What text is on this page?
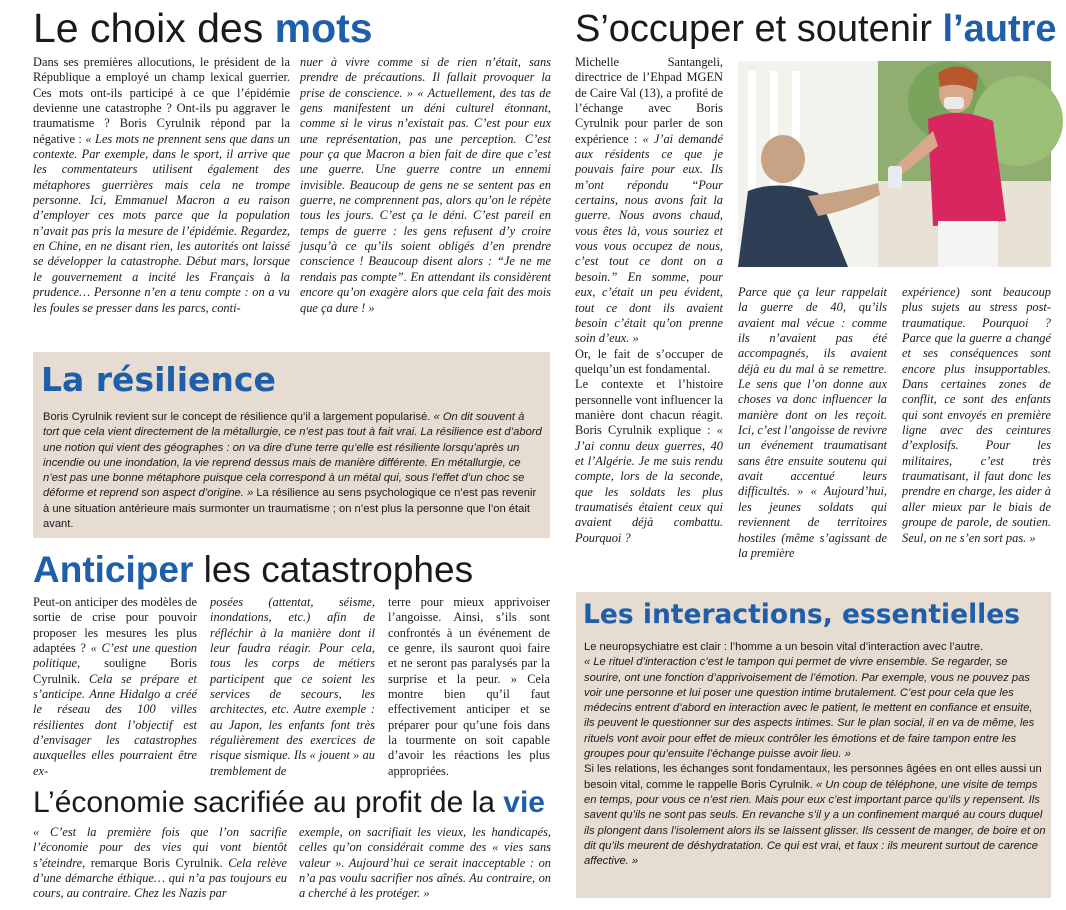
Le choix des mots

Dans ses premières allocutions, le président de la République a employé un champ lexical guerrier. Ces mots ont-ils participé à ce que l’épidémie devienne une catastrophe ? Ont-ils pu aggraver le traumatisme ? Boris Cyrulnik répond par la négative : « Les mots ne prennent sens que dans un contexte. Par exemple, dans le sport, il arrive que les commentateurs utilisent également des métaphores guerrières mais cela ne trompe personne. Ici, Emmanuel Macron a eu raison d’employer ces mots parce que la population n’avait pas pris la mesure de l’épidémie. Regardez, en Chine, en ne disant rien, les autorités ont laissé se développer la catastrophe. Début mars, lorsque le gouvernement a incité les Français à la prudence… Personne n’en a tenu compte : on a vu les foules se presser dans les parcs, conti-

nuer à vivre comme si de rien n’était, sans prendre de précautions. Il fallait provoquer la prise de conscience. » « Actuellement, des tas de gens manifestent un déni culturel étonnant, comme si le virus n’existait pas. C’est pour eux une représentation, pas une perception. C’est pour ça que Macron a bien fait de dire que c’est une guerre. Une guerre contre un ennemi invisible. Beaucoup de gens ne se sentent pas en guerre, ne comprennent pas, alors qu’on le répète tous les jours. C’est ça le déni. C’est pareil en temps de guerre : les gens refusent d’y croire jusqu’à ce qu’ils soient obligés d’en prendre conscience ! Beaucoup disent alors : “Je ne me rendais pas compte”. En attendant ils considèrent encore qu’on exagère alors que cela fait des mois que ça dure ! »

La résilience
Boris Cyrulnik revient sur le concept de résilience qu’il a largement popularisé. « On dit souvent à tort que cela vient directement de la métallurgie, ce n’est pas tout à fait vrai. La résilience est d’abord une notion qui vient des géographes : on va dire d’une terre qu’elle est résiliente lorsqu’après un incendie ou une inondation, la vie reprend dessus mais de manière différente. En métallurgie, ce n’est pas une bonne métaphore puisque cela correspond à un métal qui, sous l’effet d’un choc se déforme et reprend son aspect d’origine. » La résilience au sens psychologique ce n’est pas revenir à une situation antérieure mais surmonter un traumatisme ; on n’est plus la personne que l’on était avant.
Anticiper les catastrophes

Peut-on anticiper des modèles de sortie de crise pour pouvoir proposer les mesures les plus adaptées ? « C’est une question politique, souligne Boris Cyrulnik. Cela se prépare et s’anticipe. Anne Hidalgo a créé le réseau des 100 villes résilientes dont l’objectif est d’envisager les catastrophes auxquelles elles pourraient être ex-

posées (attentat, séisme, inondations, etc.) afin de réfléchir à la manière dont il leur faudra réagir. Pour cela, tous les corps de métiers participent que ce soient les services de secours, les architectes, etc. Autre exemple : au Japon, les enfants font très régulièrement des exercices de risque sismique. Ils « jouent » au tremblement de

terre pour mieux apprivoiser l’angoisse. Ainsi, s’ils sont confrontés à un événement de ce genre, ils sauront quoi faire et ne seront pas paralysés par la surprise et la peur. » Cela montre bien qu’il faut effectivement anticiper et se préparer pour qu’une fois dans la tourmente on soit capable d’avoir les réactions les plus appropriées.

L’économie sacrifiée au profit de la vie

« C’est la première fois que l’on sacrifie l’économie pour des vies qui vont bientôt s’éteindre, remarque Boris Cyrulnik. Cela relève d’une démarche éthique… qui n’a pas toujours eu cours, au contraire. Chez les Nazis par

exemple, on sacrifiait les vieux, les handicapés, celles qu’on considérait comme des « vies sans valeur ». Aujourd’hui ce serait inacceptable : on n’a pas voulu sacrifier nos aînés. Au contraire, on a cherché à les protéger. »

S’occuper et soutenir l’autre

Michelle Santangeli, directrice de l’Ehpad MGEN de Caire Val (13), a profité de l’échange avec Boris Cyrulnik pour parler de son expérience : « J’ai demandé aux résidents ce que je pouvais faire pour eux. Ils m’ont répondu “Pour certains, nous avons fait la guerre. Nous avons chaud, vous êtes là, vous souriez et vous vous occupez de nous, c’est tout ce dont on a besoin.” En somme, pour eux, c’était un peu évident, tout ce dont ils avaient besoin c’était qu’on prenne soin d’eux. »

Or, le fait de s’occuper de quelqu’un est fondamental.

Le contexte et l’histoire personnelle vont influencer la manière dont chacun réagit. Boris Cyrulnik explique : « J’ai connu deux guerres, 40 et l’Algérie. Je me suis rendu compte, lors de la seconde, que les soldats les plus traumatisés étaient ceux qui avaient déjà combattu. Pourquoi ?

Parce que ça leur rappelait la guerre de 40, qu’ils avaient mal vécue : comme ils n’avaient pas été accompagnés, ils avaient déjà eu du mal à se remettre. Le sens que l’on donne aux choses va donc influencer la manière dont on les reçoit. Ici, c’est l’angoisse de revivre un événement traumatisant sans être ensuite soutenu qui avait accentué leurs difficultés. » « Aujourd’hui, les jeunes soldats qui reviennent de territoires hostiles (même s’agissant de la première

expérience) sont beaucoup plus sujets au stress post-traumatique. Pourquoi ? Parce que la guerre a changé et ses conséquences sont encore plus insupportables. Dans certaines zones de conflit, ce sont des enfants qui sont envoyés en première ligne avec des ceintures d’explosifs. Pour les militaires, c’est très traumatisant, il faut donc les prendre en charge, les aider à aller mieux par le biais de groupe de parole, de soutien. Seul, on ne s’en sort pas. »

Les interactions, essentielles
Le neuropsychiatre est clair : l’homme a un besoin vital d’interaction avec l’autre.
« Le rituel d’interaction c’est le tampon qui permet de vivre ensemble. Se regarder, se sourire, ont une fonction d’apprivoisement de l’émotion. Par exemple, vous ne pouvez pas voir une personne et lui poser une question intime brutalement. C’est pour cela que les médecins entrent d’abord en interaction avec le patient, le mettent en confiance et ensuite, ils peuvent le questionner sur des aspects intimes. Sur le plan social, il en va de même, les rituels vont avoir pour effet de mieux contrôler les émotions et de faire tampon entre les groupes pour qu’ensuite l’échange puisse avoir lieu. »
Si les relations, les échanges sont fondamentaux, les personnes âgées en ont elles aussi un besoin vital, comme le rappelle Boris Cyrulnik. « Un coup de téléphone, une visite de temps en temps, pour vous ce n’est rien. Mais pour eux c’est important parce qu’ils y repensent. Ils savent qu’ils ne sont pas seuls. En revanche s’il y a un confinement marqué au cours duquel ils plongent dans l’isolement alors ils se laissent glisser. Ils cessent de manger, de boire et on dit qu’ils meurent de déshydratation. Ce qui est vrai, et faux : ils meurent surtout de carence affective. »
